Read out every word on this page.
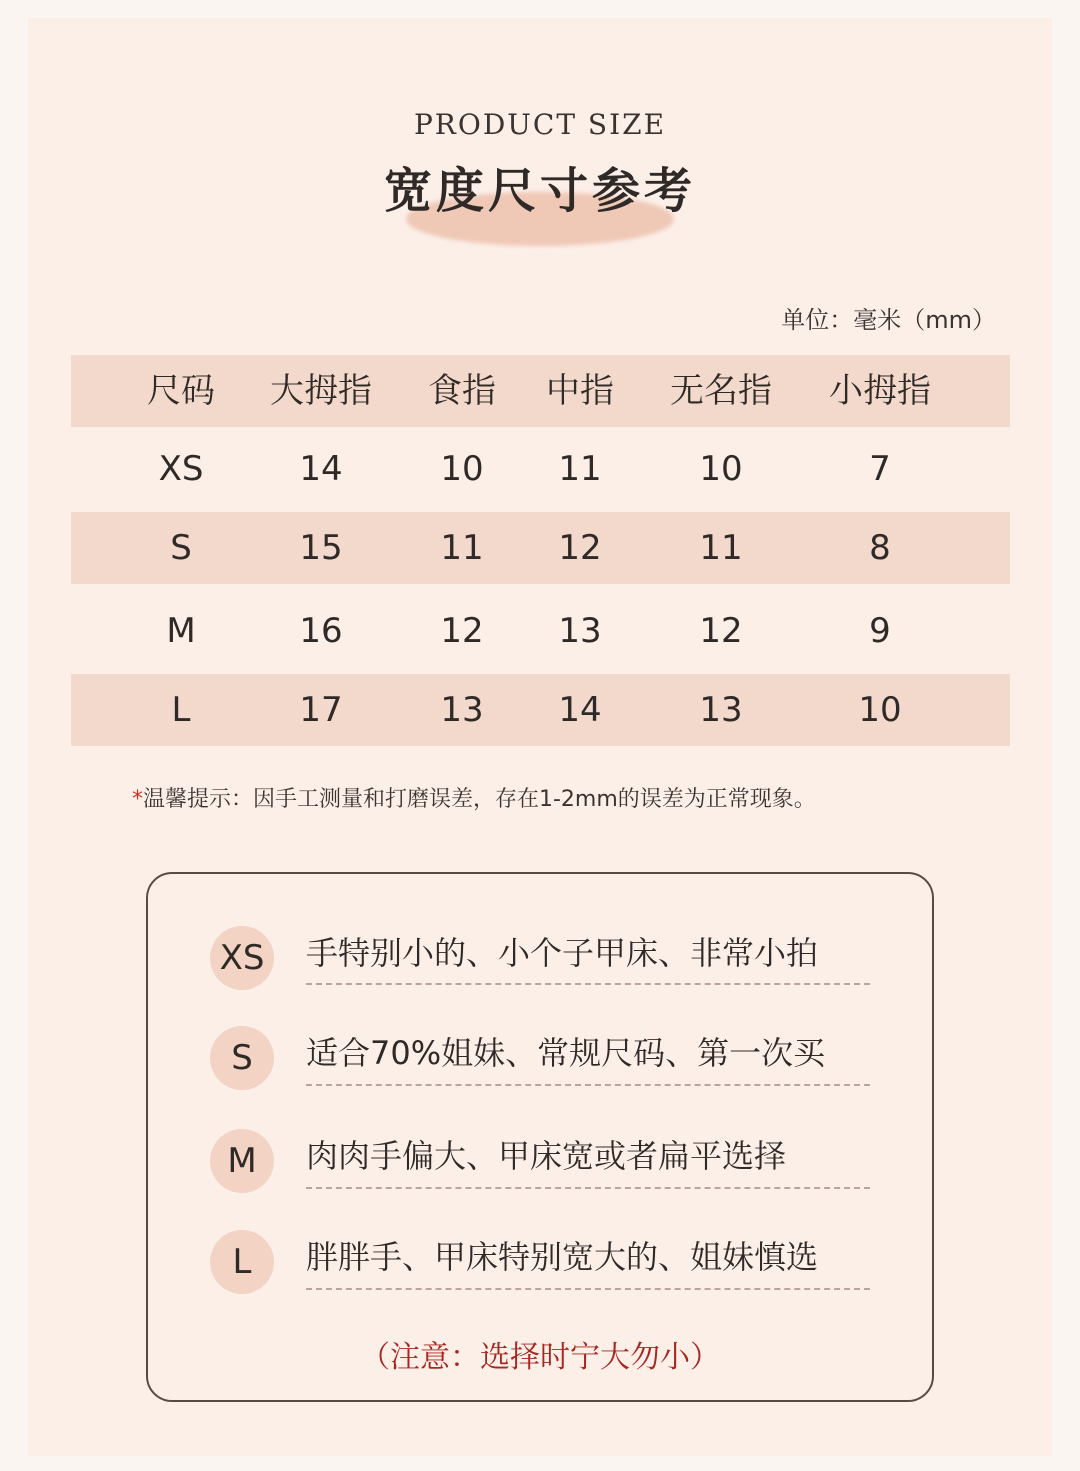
PRODUCT SIZE
宽度尺寸参考
单位：毫米（mm）
尺码	大拇指	食指	中指	无名指	小拇指
XS	14	10	11	10	7
S	15	11	12	11	8
M	16	12	13	12	9
L	17	13	14	13	10
*温馨提示：因手工测量和打磨误差，存在1-2mm的误差为正常现象。
XS 手特别小的、小个子甲床、非常小拍
S	适合70%姐妹、常规尺码、第一次买
M	肉肉手偏大、甲床宽或者扁平选择
L	胖胖手、甲床特别宽大的、姐妹慎选
（注意：选择时宁大勿小）
